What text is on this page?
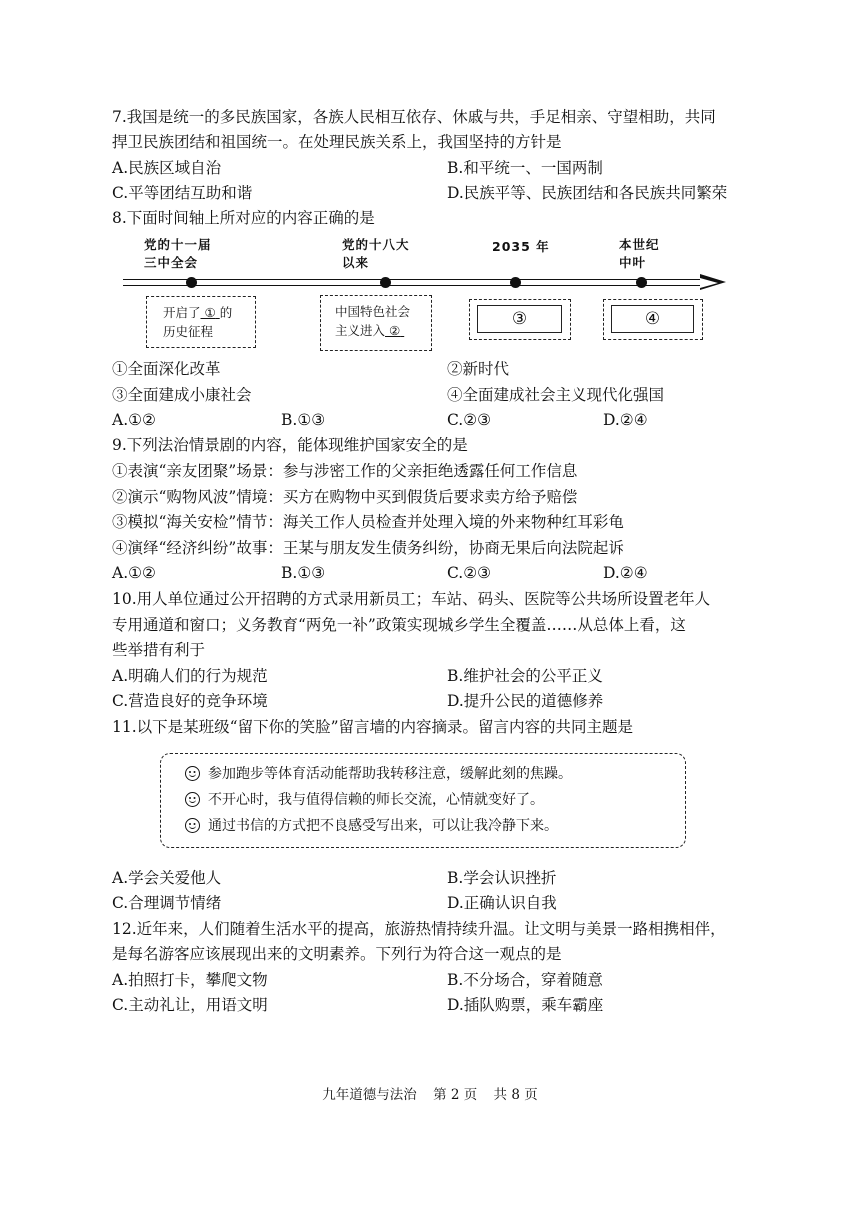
7.我国是统一的多民族国家，各族人民相互依存、休戚与共，手足相亲、守望相助，共同
捍卫民族团结和祖国统一。在处理民族关系上，我国坚持的方针是
A.民族区域自治	B.和平统一、一国两制
C.平等团结互助和谐	D.民族平等、民族团结和各民族共同繁荣
8.下面时间轴上所对应的内容正确的是
党的十一届
三中全会
党的十八大
以来
2035 年	本世纪
中叶
开启了 ① 的
历史征程
中国特色社会
主义进入 ②
③	④
①全面深化改革	②新时代
③全面建成小康社会	④全面建成社会主义现代化强国
A.①②	B.①③	C.②③	D.②④
9.下列法治情景剧的内容，能体现维护国家安全的是
①表演“亲友团聚”场景：参与涉密工作的父亲拒绝透露任何工作信息
②演示“购物风波”情境：买方在购物中买到假货后要求卖方给予赔偿
③模拟“海关安检”情节：海关工作人员检查并处理入境的外来物种红耳彩龟
④演绎“经济纠纷”故事：王某与朋友发生债务纠纷，协商无果后向法院起诉
A.①②	B.①③	C.②③	D.②④
10.用人单位通过公开招聘的方式录用新员工；车站、码头、医院等公共场所设置老年人
专用通道和窗口；义务教育“两免一补”政策实现城乡学生全覆盖……从总体上看，这
些举措有利于
A.明确人们的行为规范	B.维护社会的公平正义
C.营造良好的竞争环境	D.提升公民的道德修养
11.以下是某班级“留下你的笑脸”留言墙的内容摘录。留言内容的共同主题是
参加跑步等体育活动能帮助我转移注意，缓解此刻的焦躁。
不开心时，我与值得信赖的师长交流，心情就变好了。
通过书信的方式把不良感受写出来，可以让我冷静下来。
A.学会关爱他人	B.学会认识挫折
C.合理调节情绪	D.正确认识自我
12.近年来，人们随着生活水平的提高，旅游热情持续升温。让文明与美景一路相携相伴，
是每名游客应该展现出来的文明素养。下列行为符合这一观点的是
A.拍照打卡，攀爬文物	B.不分场合，穿着随意
C.主动礼让，用语文明	D.插队购票，乘车霸座
九年道德与法治 第 2 页 共 8 页
